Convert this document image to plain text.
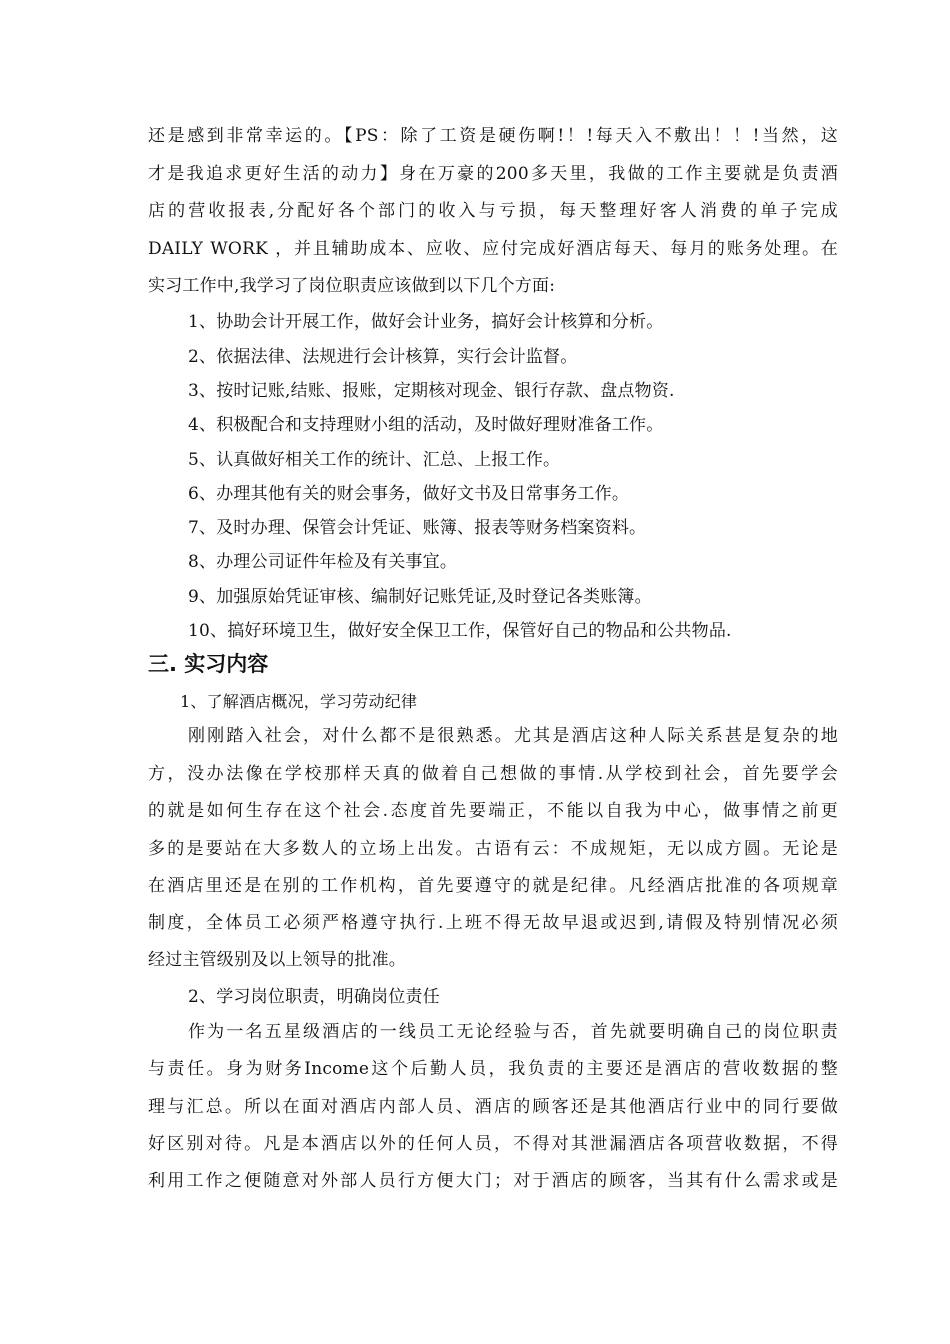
还是感到非常幸运的。【PS：除了工资是硬伤啊!！!每天入不敷出！！!当然，这
才是我追求更好生活的动力】身在万豪的200多天里，我做的工作主要就是负责酒
店的营收报表,分配好各个部门的收入与亏损，每天整理好客人消费的单子完成
DAILY WORK ，并且辅助成本、应收、应付完成好酒店每天、每月的账务处理。在
实习工作中,我学习了岗位职责应该做到以下几个方面:
1、协助会计开展工作，做好会计业务，搞好会计核算和分析。
2、依据法律、法规进行会计核算，实行会计监督。
3、按时记账,结账、报账，定期核对现金、银行存款、盘点物资.
4、积极配合和支持理财小组的活动，及时做好理财准备工作。
5、认真做好相关工作的统计、汇总、上报工作。
6、办理其他有关的财会事务，做好文书及日常事务工作。
7、及时办理、保管会计凭证、账簿、报表等财务档案资料。
8、办理公司证件年检及有关事宜。
9、加强原始凭证审核、编制好记账凭证,及时登记各类账簿。
10、搞好环境卫生，做好安全保卫工作，保管好自己的物品和公共物品.
三. 实习内容
1、了解酒店概况，学习劳动纪律
刚刚踏入社会，对什么都不是很熟悉。尤其是酒店这种人际关系甚是复杂的地
方，没办法像在学校那样天真的做着自己想做的事情.从学校到社会，首先要学会
的就是如何生存在这个社会.态度首先要端正，不能以自我为中心，做事情之前更
多的是要站在大多数人的立场上出发。古语有云：不成规矩，无以成方圆。无论是
在酒店里还是在别的工作机构，首先要遵守的就是纪律。凡经酒店批准的各项规章
制度，全体员工必须严格遵守执行.上班不得无故早退或迟到,请假及特别情况必须
经过主管级别及以上领导的批准。
2、学习岗位职责，明确岗位责任
作为一名五星级酒店的一线员工无论经验与否，首先就要明确自己的岗位职责
与责任。身为财务Income这个后勤人员，我负责的主要还是酒店的营收数据的整
理与汇总。所以在面对酒店内部人员、酒店的顾客还是其他酒店行业中的同行要做
好区别对待。凡是本酒店以外的任何人员，不得对其泄漏酒店各项营收数据，不得
利用工作之便随意对外部人员行方便大门；对于酒店的顾客，当其有什么需求或是
